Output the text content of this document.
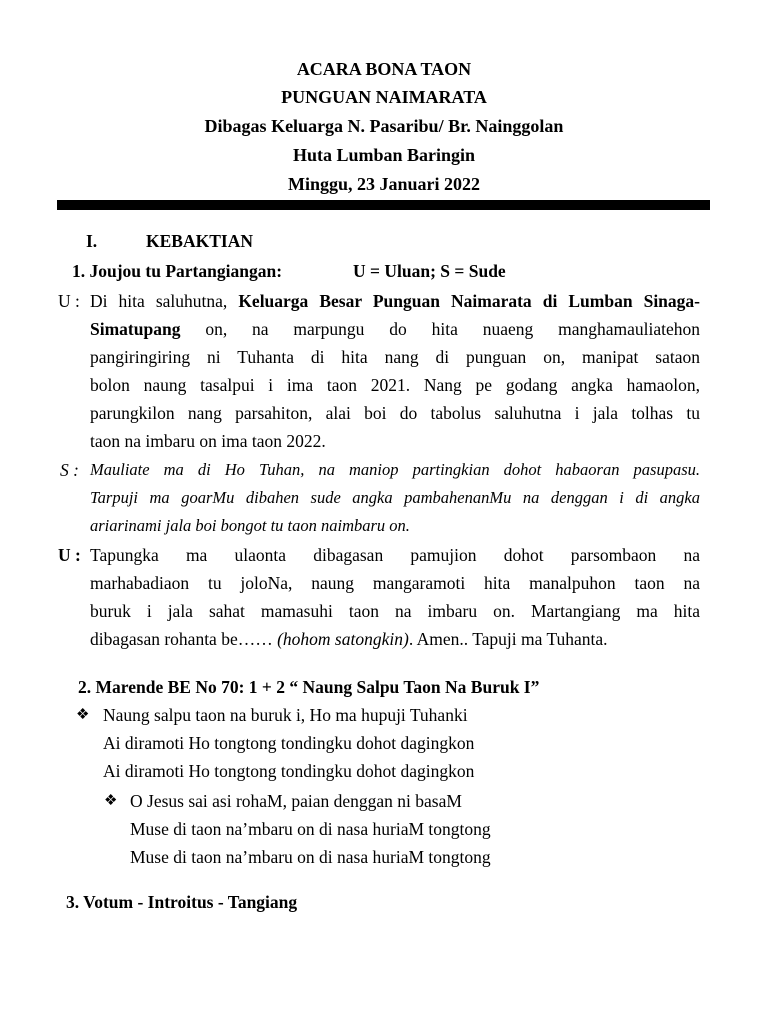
ACARA BONA TAON
PUNGUAN NAIMARATA
Dibagas Keluarga N. Pasaribu/ Br. Nainggolan
Huta Lumban Baringin
Minggu, 23 Januari 2022
I.	KEBAKTIAN
1. Joujou tu Partangiangan:	U = Uluan; S = Sude
U : Di hita saluhutna, Keluarga Besar Punguan Naimarata di Lumban Sinaga-
Simatupang on, na marpungu do hita nuaeng manghamauliatehon
pangiringiring ni Tuhanta di hita nang di punguan on, manipat sataon
bolon naung tasalpui i ima taon 2021. Nang pe godang angka hamaolon,
parungkilon nang parsahiton, alai boi do tabolus saluhutna i jala tolhas tu
taon na imbaru on ima taon 2022.
S : Mauliate ma di Ho Tuhan, na maniop partingkian dohot habaoran pasupasu.
Tarpuji ma goarMu dibahen sude angka pambahenanMu na denggan i di angka
ariarinami jala boi bongot tu taon naimbaru on.
U : Tapungka ma ulaonta dibagasan pamujion dohot parsombaon na
marhabadiaon tu joloNa, naung mangaramoti hita manalpuhon taon na
buruk i jala sahat mamasuhi taon na imbaru on. Martangiang ma hita
dibagasan rohanta be…… (hohom satongkin). Amen.. Tapuji ma Tuhanta.
2. Marende BE No 70: 1 + 2 “ Naung Salpu Taon Na Buruk I”
❖ Naung salpu taon na buruk i, Ho ma hupuji Tuhanki
Ai diramoti Ho tongtong tondingku dohot dagingkon
Ai diramoti Ho tongtong tondingku dohot dagingkon
❖ O Jesus sai asi rohaM, paian denggan ni basaM
Muse di taon na’mbaru on di nasa huriaM tongtong
Muse di taon na’mbaru on di nasa huriaM tongtong
3. Votum - Introitus - Tangiang
